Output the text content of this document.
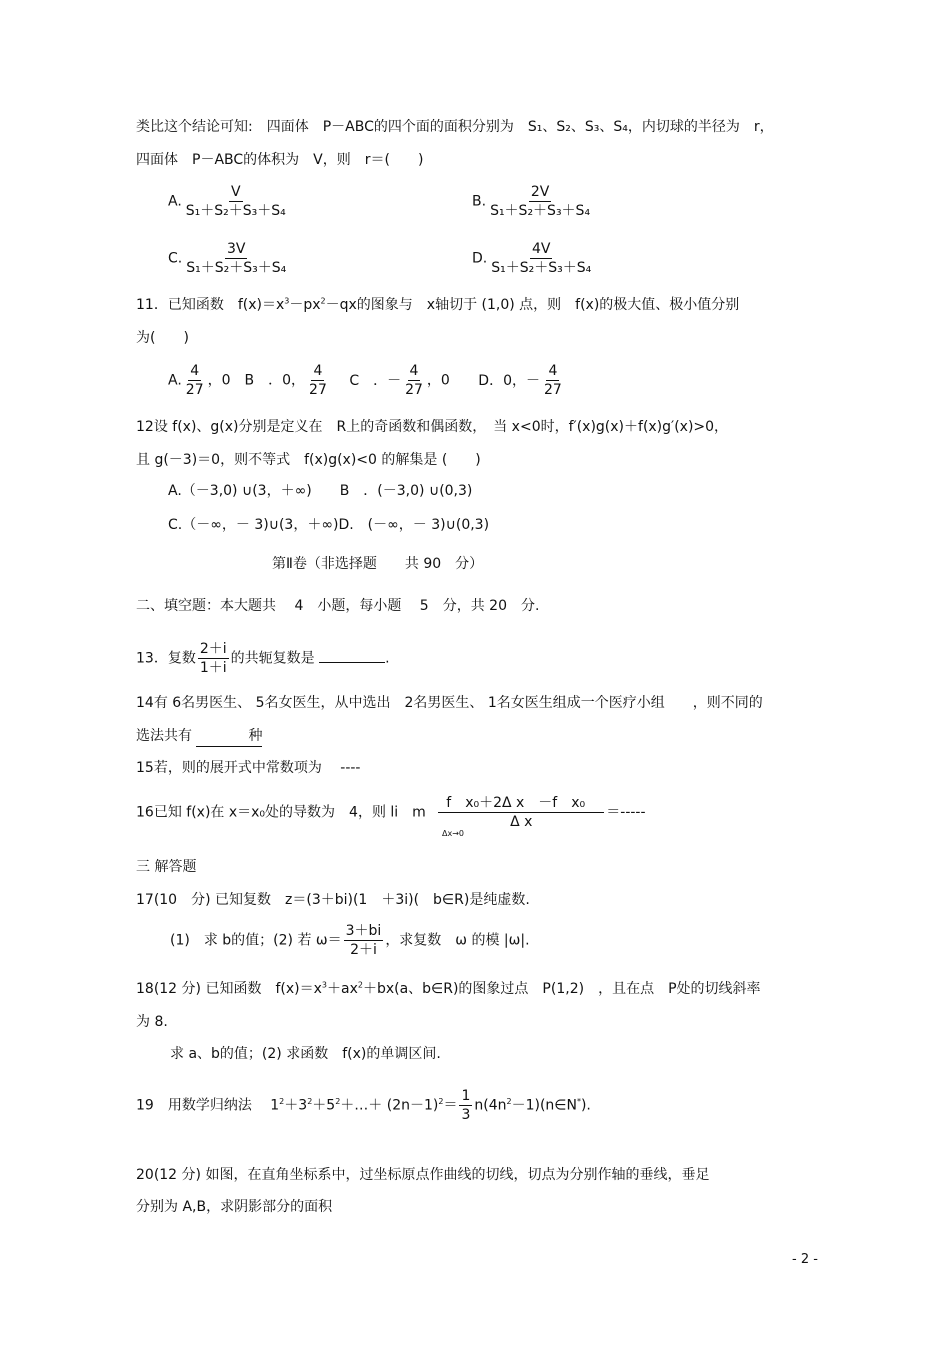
类比这个结论可知:　四面体　P－ABC的四个面的面积分别为　S₁、S₂、S₃、S₄，内切球的半径为　r，
四面体　P－ABC的体积为　V，则　r＝(　　)
A. $\frac{V}{\text{S₁＋S₂＋S₃＋S₄}}$	B. $\frac{2V}{\text{S₁＋S₂＋S₃＋S₄}}$
C. $\frac{3V}{\text{S₁＋S₂＋S₃＋S₄}}$	D. $\frac{4V}{\text{S₁＋S₂＋S₃＋S₄}}$
11．已知函数　$f(x)=x^3-px^2-qx$的图象与　x轴切于 (1,0) 点，则　f(x)的极大值、极小值分别
为(　　)
A. $\frac{4}{27}$ ，0　B　．0， $\frac{4}{27}$ C　．－ $\frac{4}{27}$ ，0 D．0，－ $\frac{4}{27}$
12设 f(x)、g(x)分别是定义在　R上的奇函数和偶函数，　当 x<0时，f′(x)g(x)＋f(x)g′(x)>0，
且 g(－3)＝0，则不等式　f(x)g(x)<0 的解集是 (　　)
A.（－3,0) ∪(3，＋∞)　　B　．(－3,0) ∪(0,3)
C.（－∞，－ 3)∪(3，＋∞)D.　(－∞，－ 3)∪(0,3)
第Ⅱ卷（非选择题　　共 90　分）
二、填空题：本大题共　 4　小题，每小题　 5　分，共 20　分.
13．复数 $\frac{2+i}{1+i}$ 的共轭复数是	.
14有 6名男医生、 5名女医生，从中选出　2名男医生、 1名女医生组成一个医疗小组　　，则不同的
选法共有	种
15若，则的展开式中常数项为　 ----
16已知 f(x)在 x＝x₀处的导数为　4，则 li　m $\frac{\text{f　x₀＋2Δ x　－f　x₀}}{\text{Δ x}}$ ＝-----
Δx→0
三 解答题
17(10　分) 已知复数　z＝(3＋bi)(1　＋3i)(　b∈R)是纯虚数.
(1)　求 b的值；(2) 若 $\omega= \frac{3+bi}{2+i}$ ，求复数　ω 的模 |ω|.
18(12 分) 已知函数　$f(x)=x^3+ax^2+bx(a$、b∈R)的图象过点　P(1,2)　，且在点　P处的切线斜率
为 8.
求 a、b的值；(2) 求函数　f(x)的单调区间.
19　用数学归纳法　 $1^2+3^2+5^2+\dots+ (2n-1)^2= \frac{1}{3}$ $n(4n^2-1)(n\in N^*)$.
20(12 分) 如图，在直角坐标系中，过坐标原点作曲线的切线，切点为分别作轴的垂线，垂足
分别为 A,B，求阴影部分的面积
- 2 -
